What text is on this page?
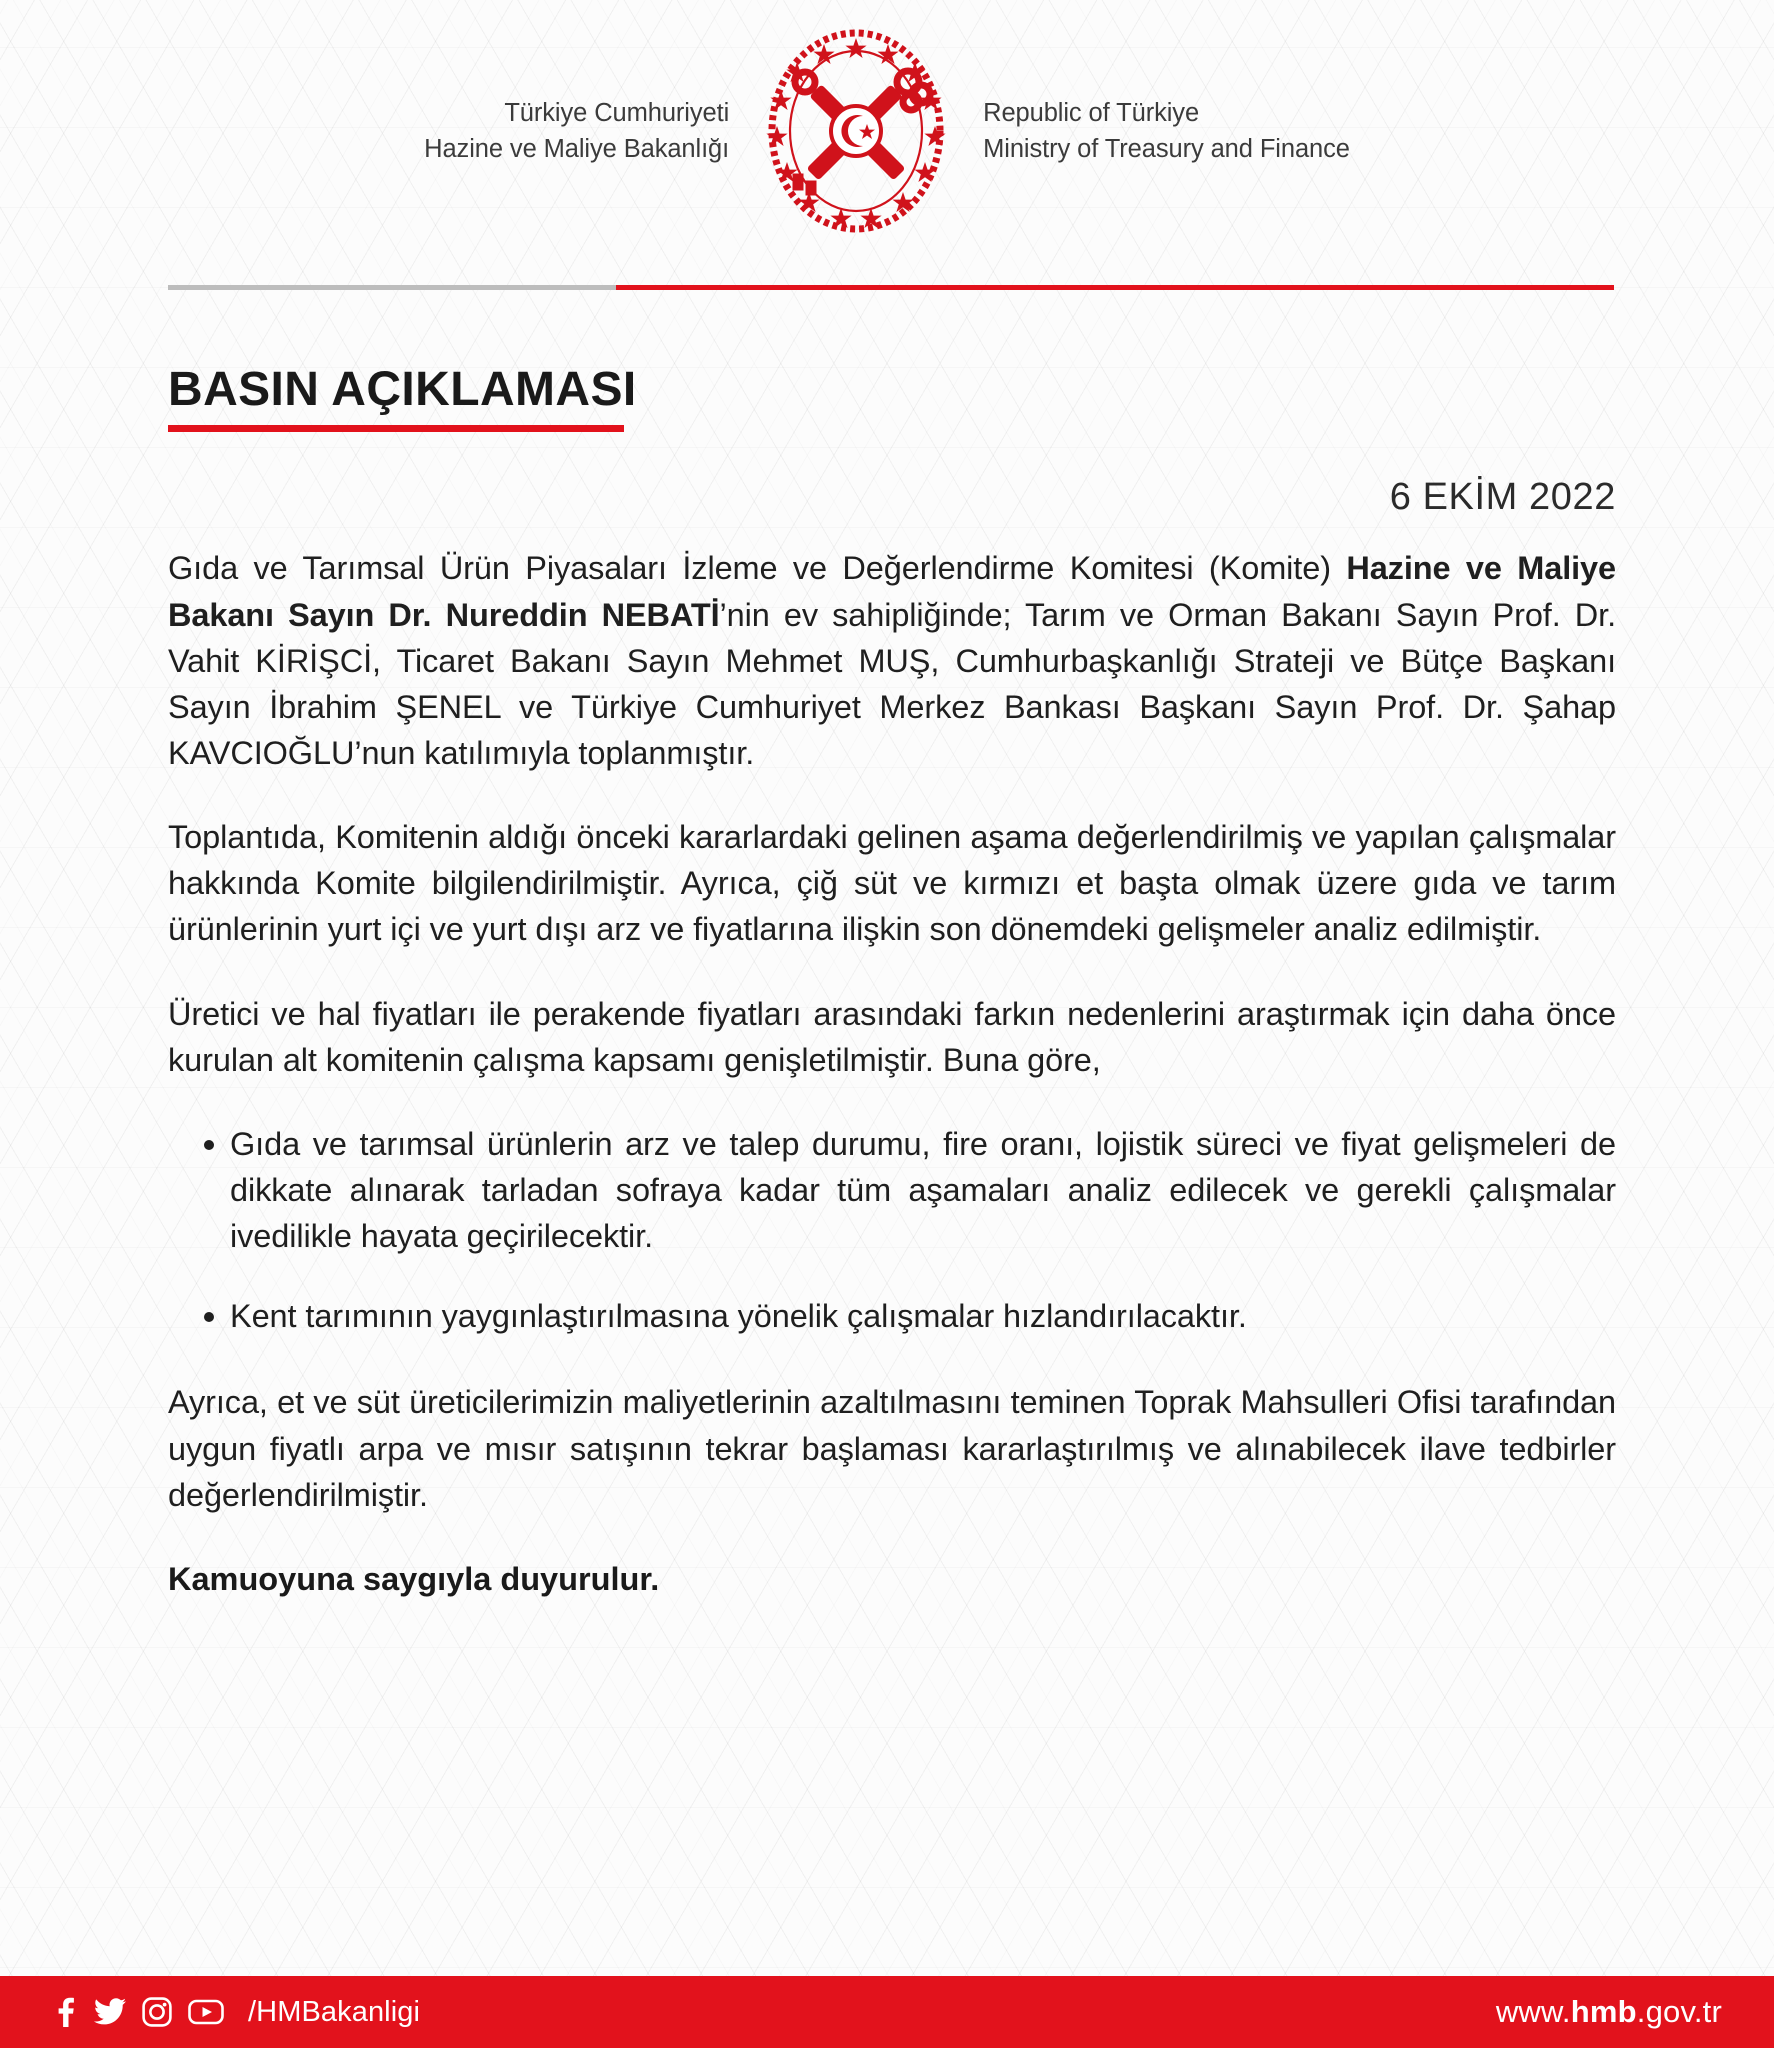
Türkiye Cumhuriyeti
Hazine ve Maliye Bakanlığı
Republic of Türkiye
Ministry of Treasury and Finance
BASIN AÇIKLAMASI
6 EKİM 2022

Gıda ve Tarımsal Ürün Piyasaları İzleme ve Değerlendirme Komitesi (Komite) Hazine ve Maliye Bakanı Sayın Dr. Nureddin NEBATİ’nin ev sahipliğinde; Tarım ve Orman Bakanı Sayın Prof. Dr. Vahit KİRİŞCİ, Ticaret Bakanı Sayın Mehmet MUŞ, Cumhurbaşkanlığı Strateji ve Bütçe Başkanı Sayın İbrahim ŞENEL ve Türkiye Cumhuriyet Merkez Bankası Başkanı Sayın Prof. Dr. Şahap KAVCIOĞLU’nun katılımıyla toplanmıştır.

Toplantıda, Komitenin aldığı önceki kararlardaki gelinen aşama değerlendirilmiş ve yapılan çalışmalar hakkında Komite bilgilendirilmiştir. Ayrıca, çiğ süt ve kırmızı et başta olmak üzere gıda ve tarım ürünlerinin yurt içi ve yurt dışı arz ve fiyatlarına ilişkin son dönemdeki gelişmeler analiz edilmiştir.

Üretici ve hal fiyatları ile perakende fiyatları arasındaki farkın nedenlerini araştırmak için daha önce kurulan alt komitenin çalışma kapsamı genişletilmiştir. Buna göre,

Gıda ve tarımsal ürünlerin arz ve talep durumu, fire oranı, lojistik süreci ve fiyat gelişmeleri de dikkate alınarak tarladan sofraya kadar tüm aşamaları analiz edilecek ve gerekli çalışmalar ivedilikle hayata geçirilecektir.
Kent tarımının yaygınlaştırılmasına yönelik çalışmalar hızlandırılacaktır.

Ayrıca, et ve süt üreticilerimizin maliyetlerinin azaltılmasını teminen Toprak Mahsulleri Ofisi tarafından uygun fiyatlı arpa ve mısır satışının tekrar başlaması kararlaştırılmış ve alınabilecek ilave tedbirler değerlendirilmiştir.

Kamuoyuna saygıyla duyurulur.

/HMBakanligi	www.hmb.gov.tr
